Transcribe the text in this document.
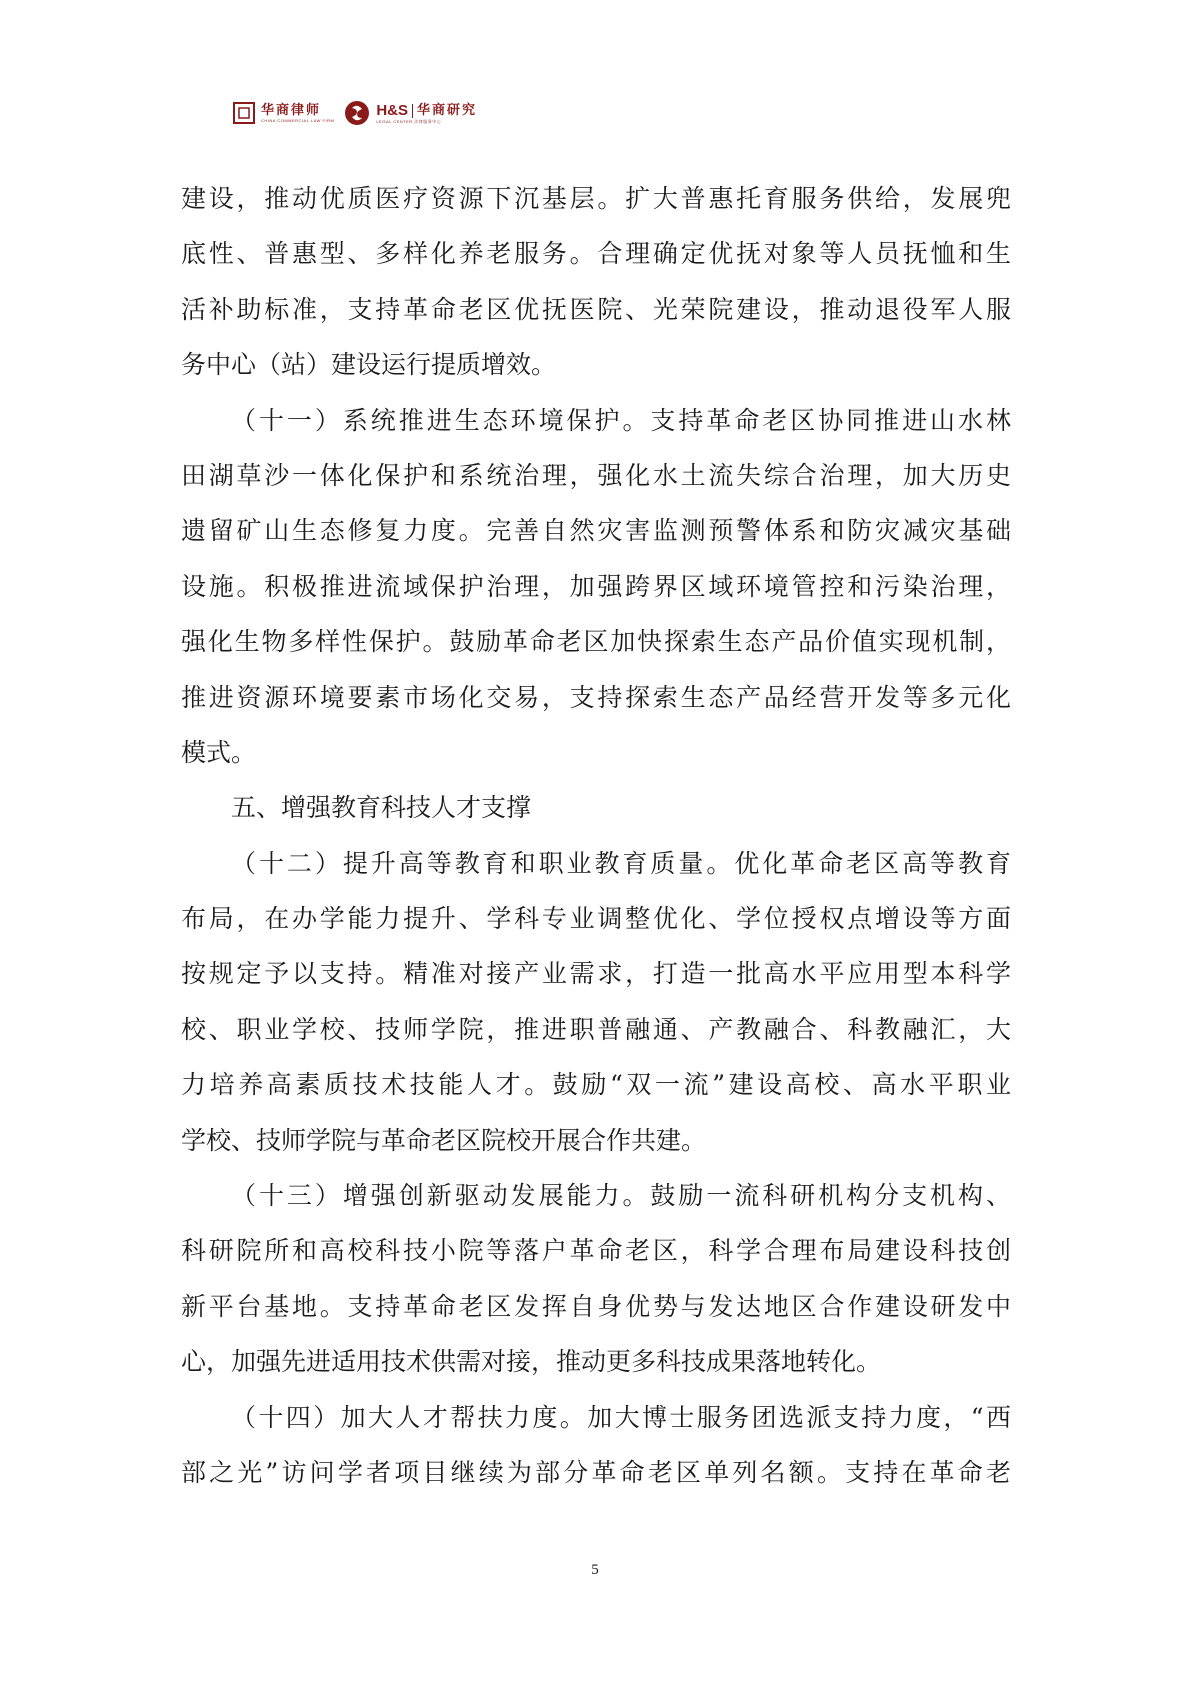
华商律师
CHINA COMMERCIAL LAW FIRM
H&S 华商研究
LEGAL CENTER 法律服务中心
建设，推动优质医疗资源下沉基层。扩大普惠托育服务供给，发展兜
底性、普惠型、多样化养老服务。合理确定优抚对象等人员抚恤和生
活补助标准，支持革命老区优抚医院、光荣院建设，推动退役军人服
务中心（站）建设运行提质增效。
（十一）系统推进生态环境保护。支持革命老区协同推进山水林
田湖草沙一体化保护和系统治理，强化水土流失综合治理，加大历史
遗留矿山生态修复力度。完善自然灾害监测预警体系和防灾减灾基础
设施。积极推进流域保护治理，加强跨界区域环境管控和污染治理，
强化生物多样性保护。鼓励革命老区加快探索生态产品价值实现机制，
推进资源环境要素市场化交易，支持探索生态产品经营开发等多元化
模式。
五、增强教育科技人才支撑
（十二）提升高等教育和职业教育质量。优化革命老区高等教育
布局，在办学能力提升、学科专业调整优化、学位授权点增设等方面
按规定予以支持。精准对接产业需求，打造一批高水平应用型本科学
校、职业学校、技师学院，推进职普融通、产教融合、科教融汇，大
力培养高素质技术技能人才。鼓励“双一流”建设高校、高水平职业
学校、技师学院与革命老区院校开展合作共建。
（十三）增强创新驱动发展能力。鼓励一流科研机构分支机构、
科研院所和高校科技小院等落户革命老区，科学合理布局建设科技创
新平台基地。支持革命老区发挥自身优势与发达地区合作建设研发中
心，加强先进适用技术供需对接，推动更多科技成果落地转化。
（十四）加大人才帮扶力度。加大博士服务团选派支持力度，“西
部之光”访问学者项目继续为部分革命老区单列名额。支持在革命老
5
